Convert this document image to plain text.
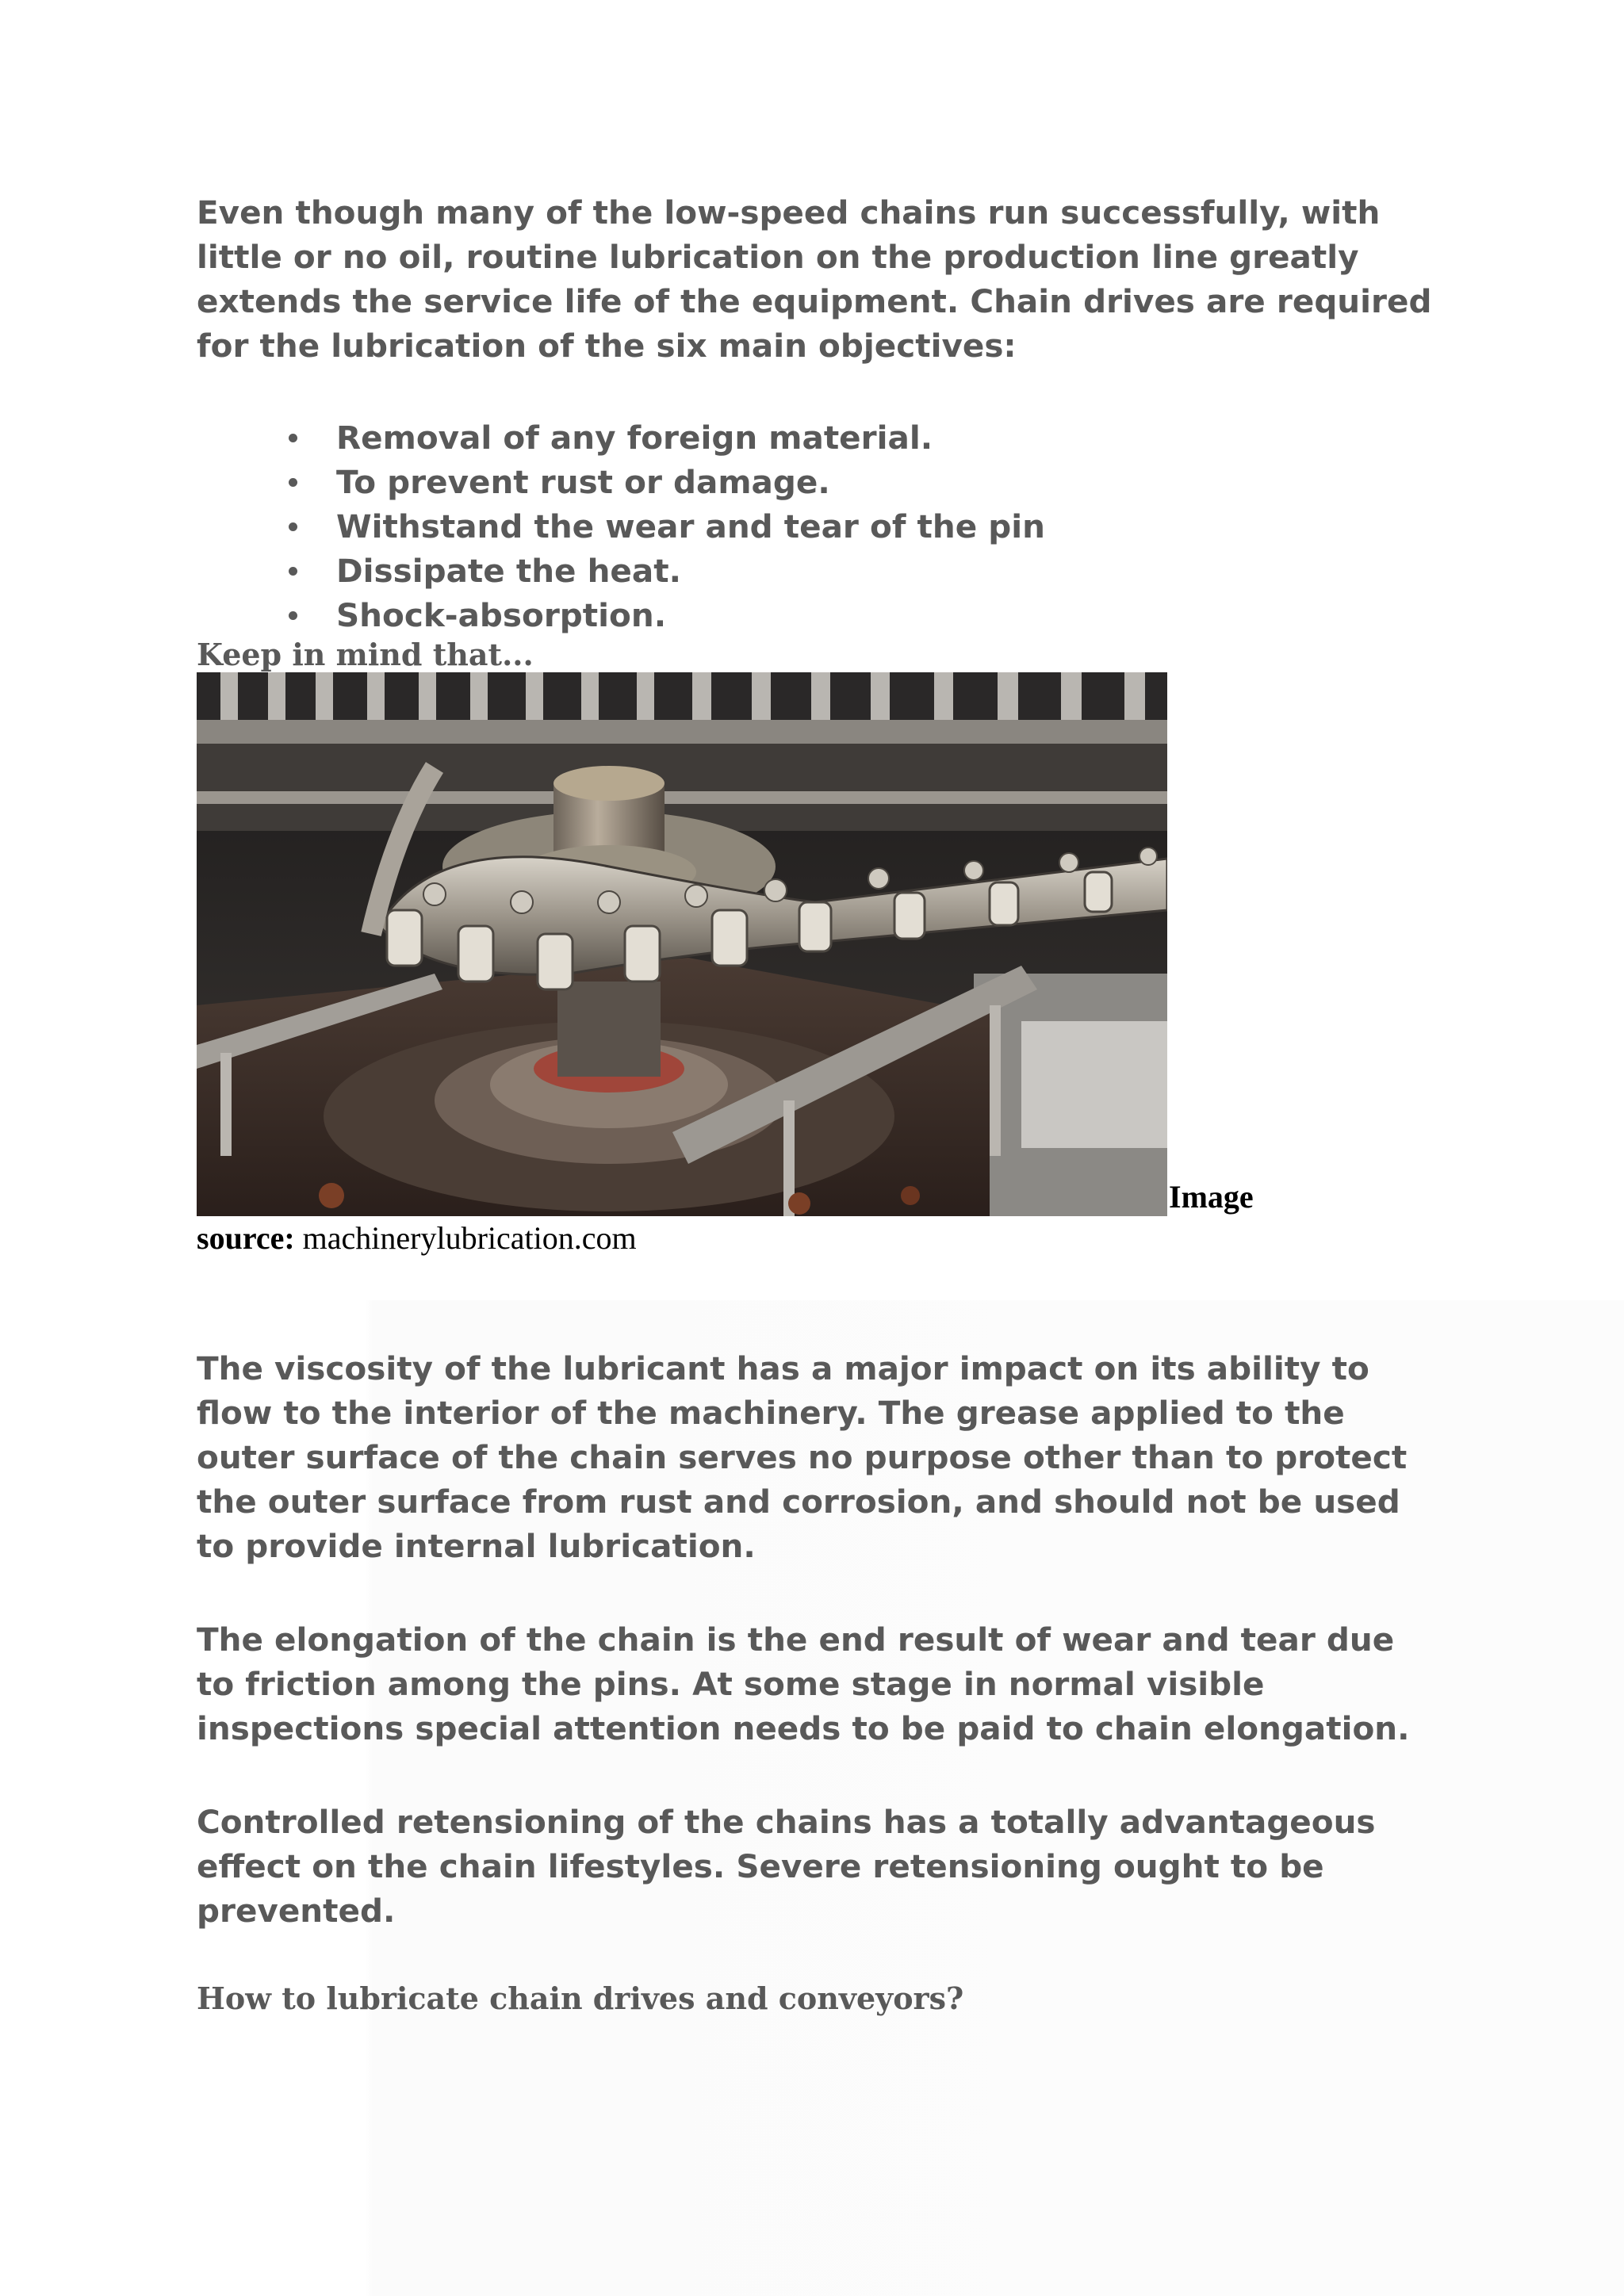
Even though many of the low-speed chains run successfully, with little or no oil, routine lubrication on the production line greatly extends the service life of the equipment. Chain drives are required for the lubrication of the six main objectives:

Removal of any foreign material.
To prevent rust or damage.
Withstand the wear and tear of the pin
Dissipate the heat.
Shock-absorption.

Keep in mind that...

Image

source: machinerylubrication.com

The viscosity of the lubricant has a major impact on its ability to flow to the interior of the machinery. The grease applied to the outer surface of the chain serves no purpose other than to protect the outer surface from rust and corrosion, and should not be used to provide internal lubrication.

The elongation of the chain is the end result of wear and tear due to friction among the pins. At some stage in normal visible inspections special attention needs to be paid to chain elongation.

Controlled retensioning of the chains has a totally advantageous effect on the chain lifestyles. Severe retensioning ought to be prevented.

How to lubricate chain drives and conveyors?
